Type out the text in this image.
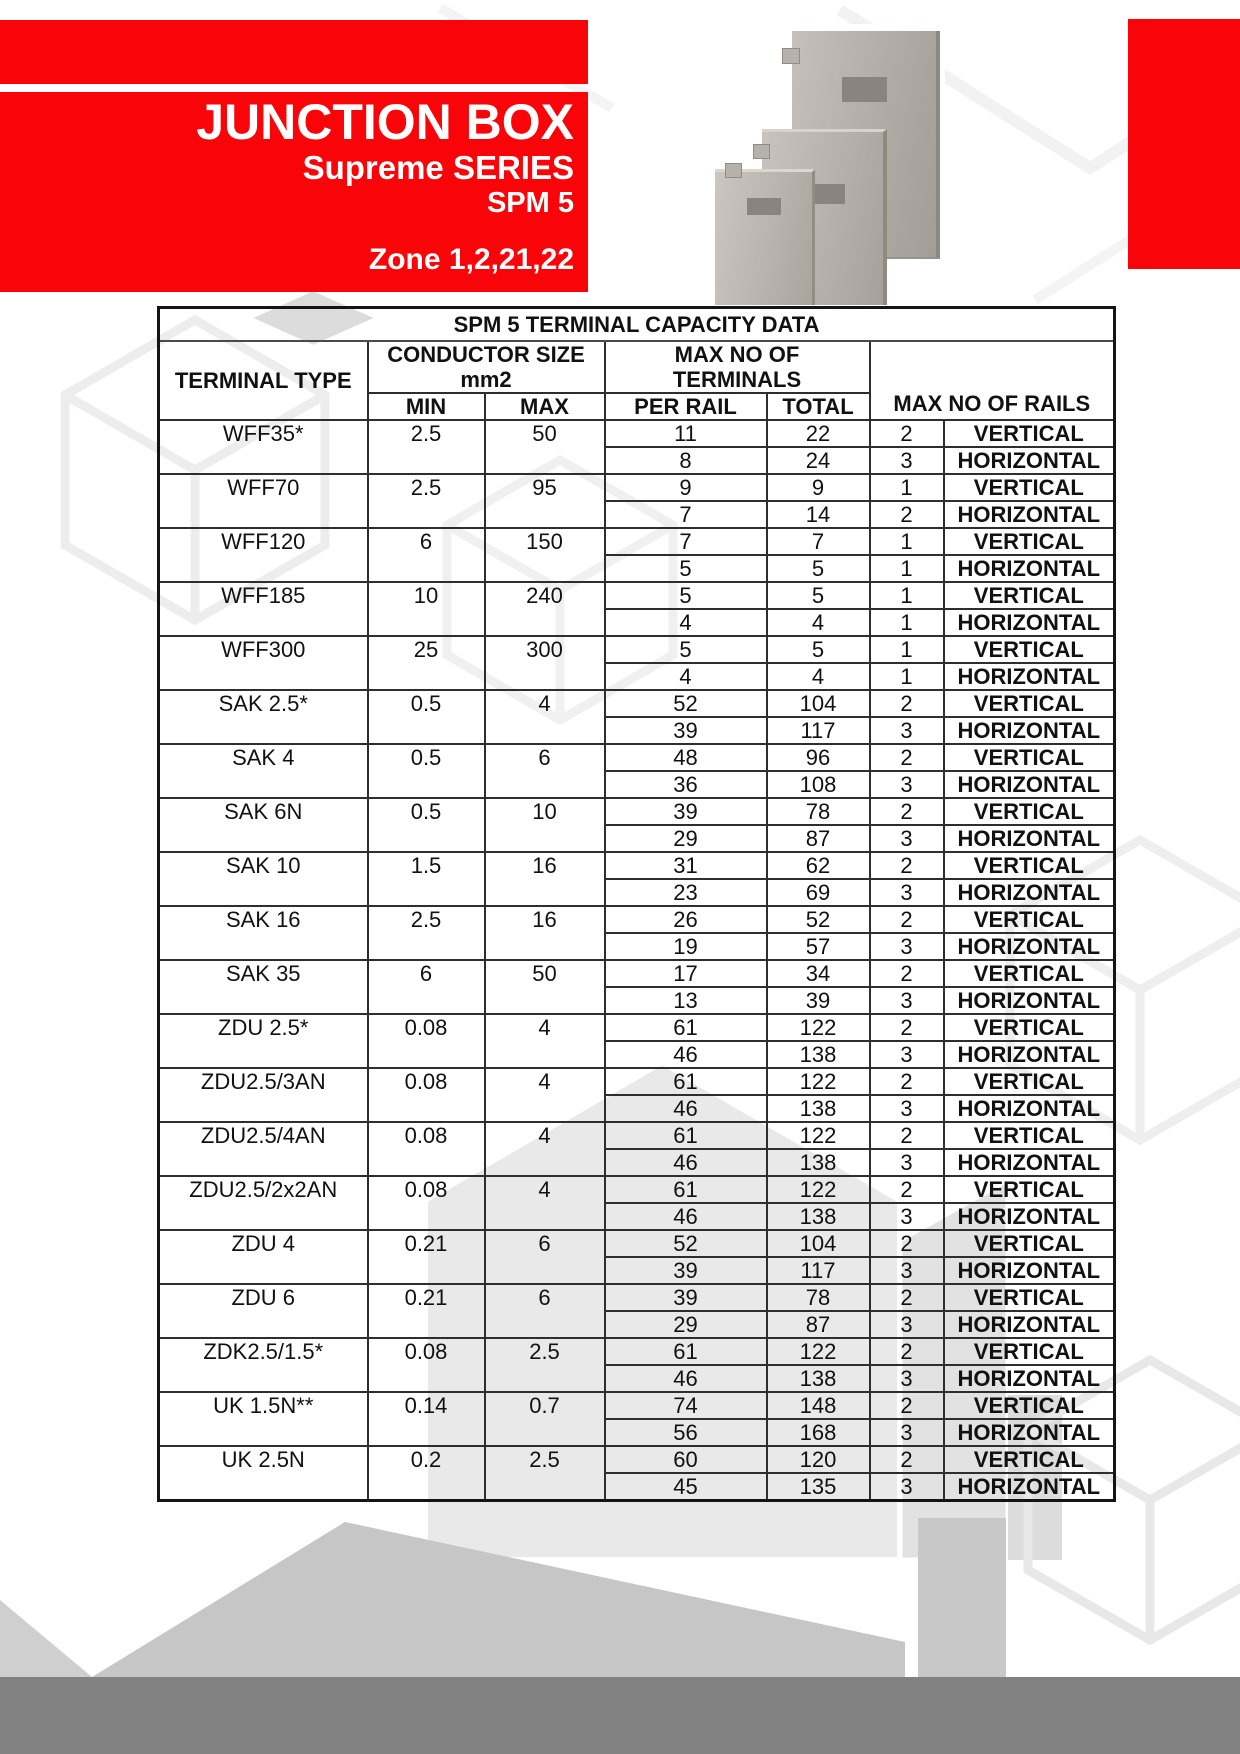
JUNCTION BOX
Supreme SERIES
SPM 5
Zone 1,2,21,22
SPM 5 TERMINAL CAPACITY DATA						
TERMINAL TYPE	
CONDUCTOR SIZE
mm2

MAX NO OF
TERMINALS
	MAX NO OF RAILS
	MIN	MAX	PER RAIL	TOTAL		
WFF35*	2.5	50	11	22	2	VERTICAL
			8	24	3	HORIZONTAL
WFF70	2.5	95	9	9	1	VERTICAL
			7	14	2	HORIZONTAL
WFF120	6	150	7	7	1	VERTICAL
			5	5	1	HORIZONTAL
WFF185	10	240	5	5	1	VERTICAL
			4	4	1	HORIZONTAL
WFF300	25	300	5	5	1	VERTICAL
			4	4	1	HORIZONTAL
SAK 2.5*	0.5	4	52	104	2	VERTICAL
			39	117	3	HORIZONTAL
SAK 4	0.5	6	48	96	2	VERTICAL
			36	108	3	HORIZONTAL
SAK 6N	0.5	10	39	78	2	VERTICAL
			29	87	3	HORIZONTAL
SAK 10	1.5	16	31	62	2	VERTICAL
			23	69	3	HORIZONTAL
SAK 16	2.5	16	26	52	2	VERTICAL
			19	57	3	HORIZONTAL
SAK 35	6	50	17	34	2	VERTICAL
			13	39	3	HORIZONTAL
ZDU 2.5*	0.08	4	61	122	2	VERTICAL
			46	138	3	HORIZONTAL
ZDU2.5/3AN	0.08	4	61	122	2	VERTICAL
			46	138	3	HORIZONTAL
ZDU2.5/4AN	0.08	4	61	122	2	VERTICAL
			46	138	3	HORIZONTAL
ZDU2.5/2x2AN	0.08	4	61	122	2	VERTICAL
			46	138	3	HORIZONTAL
ZDU 4	0.21	6	52	104	2	VERTICAL
			39	117	3	HORIZONTAL
ZDU 6	0.21	6	39	78	2	VERTICAL
			29	87	3	HORIZONTAL
ZDK2.5/1.5*	0.08	2.5	61	122	2	VERTICAL
			46	138	3	HORIZONTAL
UK 1.5N**	0.14	0.7	74	148	2	VERTICAL
			56	168	3	HORIZONTAL
UK 2.5N	0.2	2.5	60	120	2	VERTICAL
			45	135	3	HORIZONTAL
